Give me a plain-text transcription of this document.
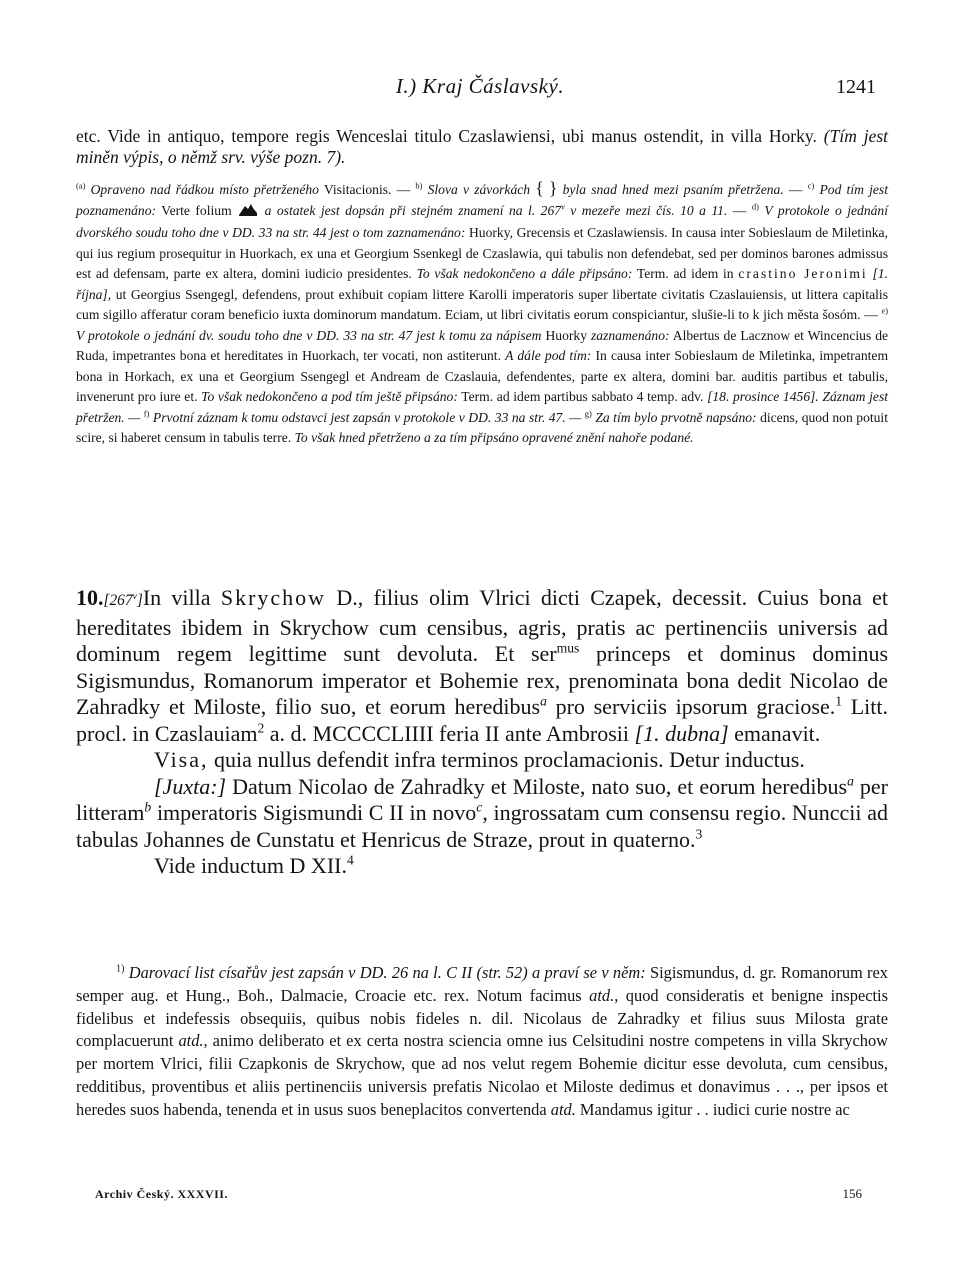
I.) Kraj Čáslavský.	1241
etc. Vide in antiquo, tempore regis Wenceslai titulo Czaslawiensi, ubi manus ostendit, in villa Horky. (Tím jest miněn výpis, o němž srv. výše pozn. 7).
$^{(a)}$ Opraveno nad řádkou místo přetrženého Visitacionis. — $^{b)}$ Slova v závorkách { } byla snad hned mezi psaním přetržena. — $^{c)}$ Pod tím jest poznamenáno: Verte folium a ostatek jest dopsán při stejném znamení na l. 267$^v$ v mezeře mezi čís. 10 a 11. — $^{d)}$ V protokole o jednání dvorského soudu toho dne v DD. 33 na str. 44 jest o tom zaznamenáno: Huorky, Grecensis et Czaslawiensis. In causa inter Sobieslaum de Miletinka, qui ius regium prosequitur in Huorkach, ex una et Georgium Ssenkegl de Czaslawia, qui tabulis non defendebat, sed per dominos barones admissus est ad defensam, parte ex altera, domini iudicio presidentes. To však nedokončeno a dále připsáno: Term. ad idem in crastino Jeronimi [1. října], ut Georgius Ssengegl, defendens, prout exhibuit copiam littere Karolli imperatoris super libertate civitatis Czaslauiensis, ut littera capitalis cum sigillo afferatur coram beneficio iuxta dominorum mandatum. Eciam, ut libri civitatis eorum conspiciantur, slušie-li to k jich města šosóm. — $^{e)}$ V protokole o jednání dv. soudu toho dne v DD. 33 na str. 47 jest k tomu za nápisem Huorky zaznamenáno: Albertus de Lacznow et Wincencius de Ruda, impetrantes bona et hereditates in Huorkach, ter vocati, non astiterunt. A dále pod tím: In causa inter Sobieslaum de Miletinka, impetrantem bona in Horkach, ex una et Georgium Ssengegl et Andream de Czaslauia, defendentes, parte ex altera, domini bar. auditis partibus et tabulis, invenerunt pro iure et. To však nedokončeno a pod tím ještě připsáno: Term. ad idem partibus sabbato 4 temp. adv. [18. prosince 1456]. Záznam jest přetržen. — $^{f)}$ Prvotní záznam k tomu odstavci jest zapsán v protokole v DD. 33 na str. 47. — $^{g)}$ Za tím bylo prvotně napsáno: dicens, quod non potuit scire, si haberet censum in tabulis terre. To však hned přetrženo a za tím připsáno opravené znění nahoře podané.

10.[267$^v$]In villa Skrychow D., filius olim Vlrici dicti Czapek, decessit. Cuius bona et hereditates ibidem in Skrychow cum censibus, agris, pratis ac pertinenciis universis ad dominum regem legittime sunt devoluta. Et ser$^{mus}$ princeps et dominus dominus Sigismundus, Romanorum imperator et Bohemie rex, prenominata bona dedit Nicolao de Zahradky et Miloste, filio suo, et eorum heredibus$^a$ pro serviciis ipsorum graciose.$^1$ Litt. procl. in Czaslauiam$^2$ a. d. MCCCCLIIII feria II ante Ambrosii [1. dubna] emanavit.

Visa, quia nullus defendit infra terminos proclamacionis. Detur inductus.

[Juxta:] Datum Nicolao de Zahradky et Miloste, nato suo, et eorum heredibus$^a$ per litteram$^b$ imperatoris Sigismundi C II in novo$^c$, ingrossatam cum consensu regio. Nunccii ad tabulas Johannes de Cunstatu et Henricus de Straze, prout in quaterno.$^3$

Vide inductum D XII.$^4$

$^{1)}$ Darovací list císařův jest zapsán v DD. 26 na l. C II (str. 52) a praví se v něm: Sigismundus, d. gr. Romanorum rex semper aug. et Hung., Boh., Dalmacie, Croacie etc. rex. Notum facimus atd., quod consideratis et benigne inspectis fidelibus et indefessis obsequiis, quibus nobis fideles n. dil. Nicolaus de Zahradky et filius suus Milosta grate complacuerunt atd., animo deliberato et ex certa nostra sciencia omne ius Celsitudini nostre competens in villa Skrychow per mortem Vlrici, filii Czapkonis de Skrychow, que ad nos velut regem Bohemie dicitur esse devoluta, cum censibus, redditibus, proventibus et aliis pertinenciis universis prefatis Nicolao et Miloste dedimus et donavimus . . ., per ipsos et heredes suos habenda, tenenda et in usus suos beneplacitos convertenda atd. Mandamus igitur . . iudici curie nostre ac

Archiv Český. XXXVII.	156
